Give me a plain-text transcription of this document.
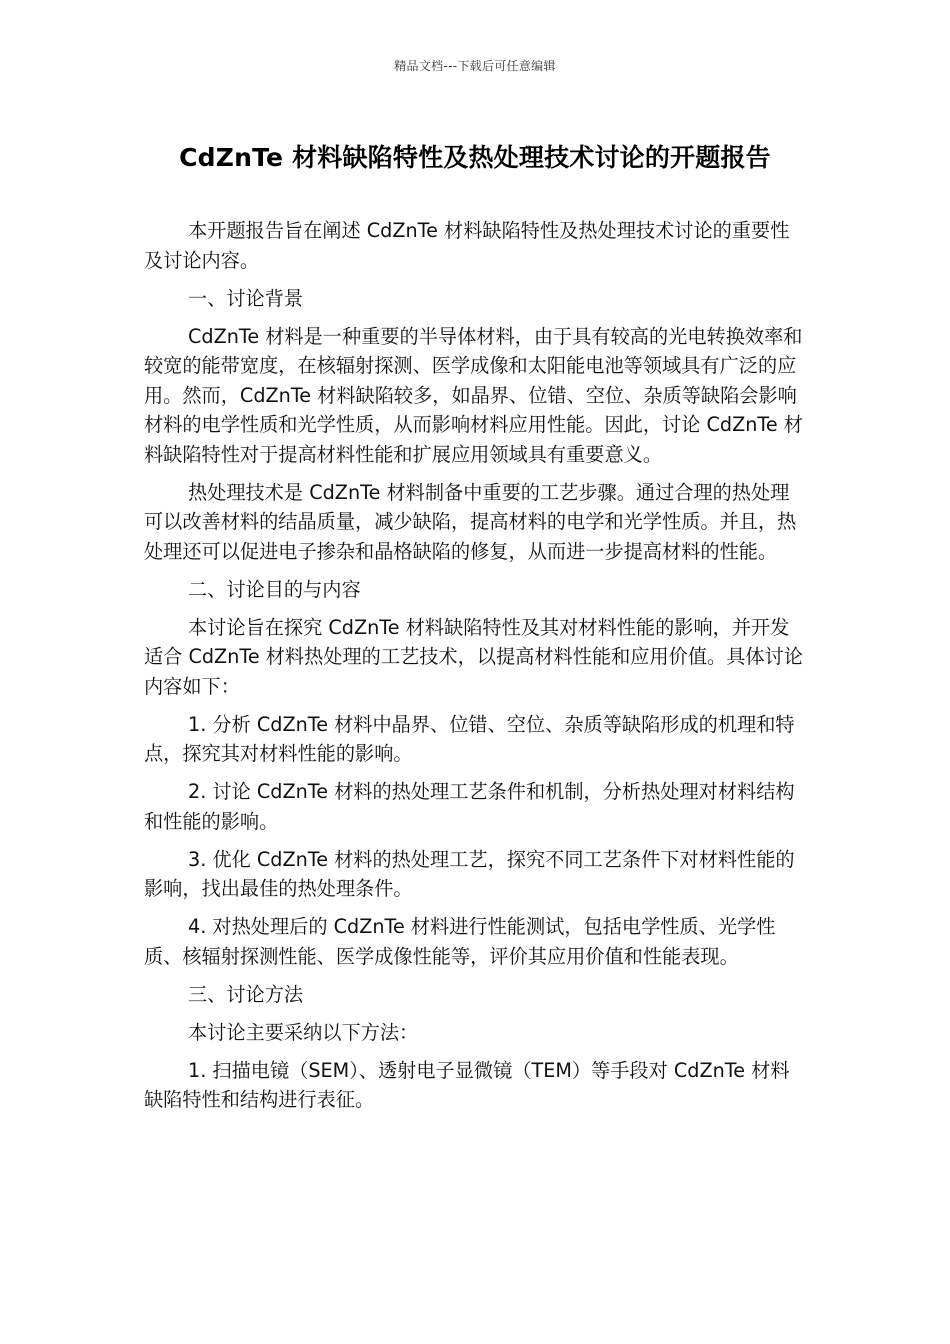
精品文档---下载后可任意编辑
CdZnTe 材料缺陷特性及热处理技术讨论的开题报告

本开题报告旨在阐述 CdZnTe 材料缺陷特性及热处理技术讨论的重要性及讨论内容。

一、讨论背景

CdZnTe 材料是一种重要的半导体材料，由于具有较高的光电转换效率和较宽的能带宽度，在核辐射探测、医学成像和太阳能电池等领域具有广泛的应用。然而，CdZnTe 材料缺陷较多，如晶界、位错、空位、杂质等缺陷会影响材料的电学性质和光学性质，从而影响材料应用性能。因此，讨论 CdZnTe 材料缺陷特性对于提高材料性能和扩展应用领域具有重要意义。

热处理技术是 CdZnTe 材料制备中重要的工艺步骤。通过合理的热处理可以改善材料的结晶质量，减少缺陷，提高材料的电学和光学性质。并且，热处理还可以促进电子掺杂和晶格缺陷的修复，从而进一步提高材料的性能。

二、讨论目的与内容

本讨论旨在探究 CdZnTe 材料缺陷特性及其对材料性能的影响，并开发适合 CdZnTe 材料热处理的工艺技术，以提高材料性能和应用价值。具体讨论内容如下：

1. 分析 CdZnTe 材料中晶界、位错、空位、杂质等缺陷形成的机理和特点，探究其对材料性能的影响。

2. 讨论 CdZnTe 材料的热处理工艺条件和机制，分析热处理对材料结构和性能的影响。

3. 优化 CdZnTe 材料的热处理工艺，探究不同工艺条件下对材料性能的影响，找出最佳的热处理条件。

4. 对热处理后的 CdZnTe 材料进行性能测试，包括电学性质、光学性质、核辐射探测性能、医学成像性能等，评价其应用价值和性能表现。

三、讨论方法

本讨论主要采纳以下方法：

1. 扫描电镜（SEM）、透射电子显微镜（TEM）等手段对 CdZnTe 材料缺陷特性和结构进行表征。
